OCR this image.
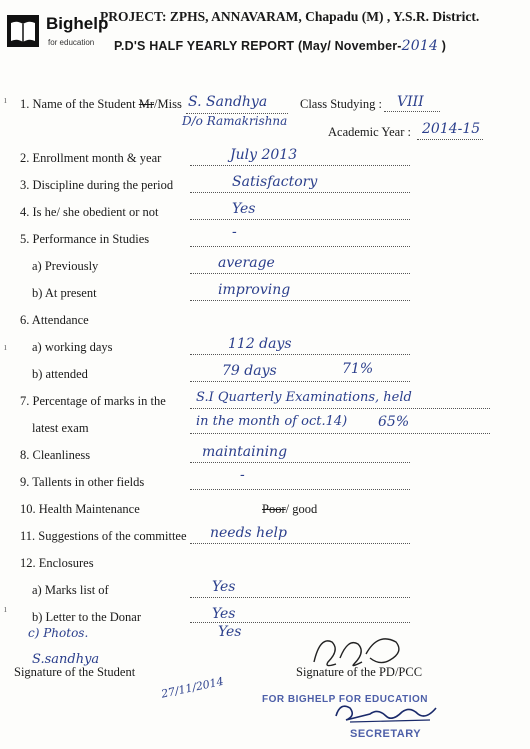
Bighelp
for education
PROJECT: ZPHS, ANNAVARAM, Chapadu (M) , Y.S.R. District.
P.D'S HALF YEARLY REPORT (May/ November-2014 )
ı
ı
ı
1. Name of the Student Mr/Miss S. Sandhya
D/o Ramakrishna
Class Studying : VIII
Academic Year : 2014-15
2. Enrollment month & year	July 2013
3. Discipline during the period	Satisfactory
4. Is he/ she obedient or not	Yes
5. Performance in Studies	-
a) Previously	average
b) At present	improving
6. Attendance
a) working days	112 days
b) attended	79 days	71%
7. Percentage of marks in the
latest exam
S.I Quarterly Examinations, held
in the month of oct.14) 65%
8. Cleanliness	maintaining
9. Tallents in other fields	-
10. Health Maintenance	Poor/ good
11. Suggestions of the committee needs help
12. Enclosures
a) Marks list of	Yes
b) Letter to the Donar	Yes
c) Photos.	Yes
S.sandhya
Signature of the Student	Signature of the PD/PCC
27/11/2014	FOR BIGHELP FOR EDUCATION
SECRETARY
